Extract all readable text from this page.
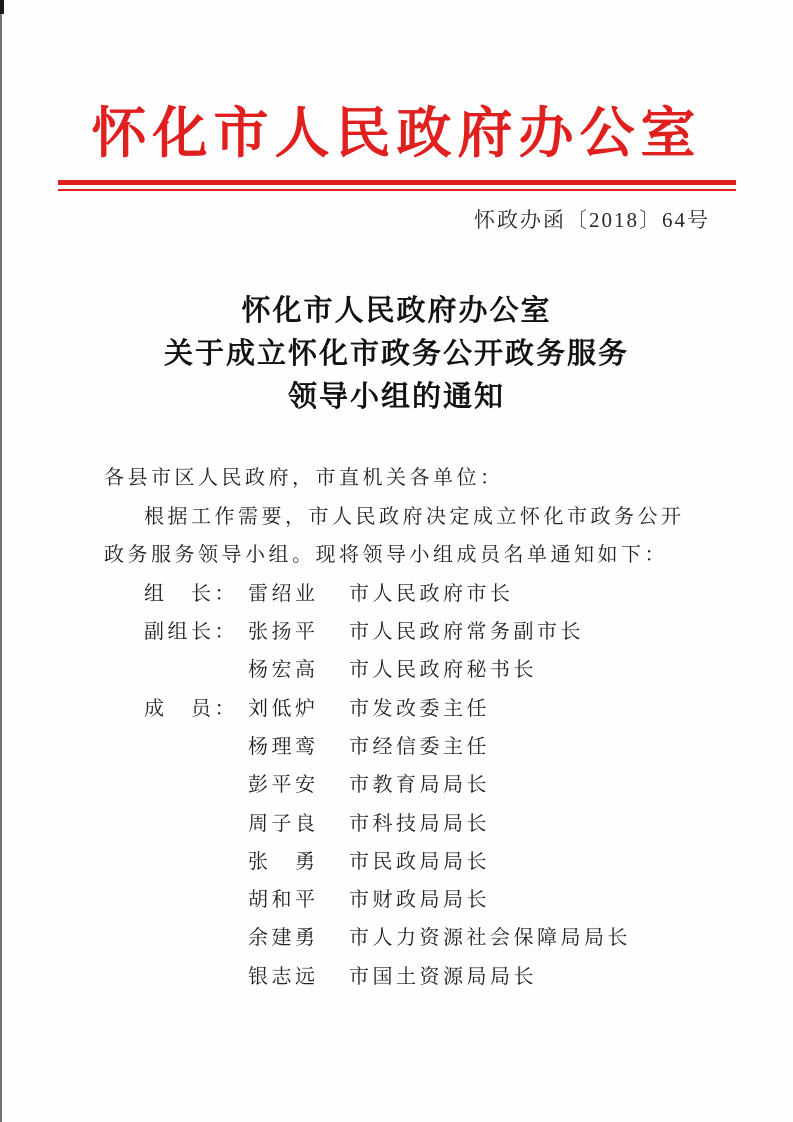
怀化市人民政府办公室
怀政办函〔2018〕64号
怀化市人民政府办公室
关于成立怀化市政务公开政务服务
领导小组的通知

各县市区人民政府，市直机关各单位：

根据工作需要，市人民政府决定成立怀化市政务公开政务服务领导小组。现将领导小组成员名单通知如下：

组　长： 雷绍业	市人民政府市长
副组长： 张扬平	市人民政府常务副市长
杨宏高	市人民政府秘书长
成　员： 刘低炉	市发改委主任
杨理鸾	市经信委主任
彭平安	市教育局局长
周子良	市科技局局长
张　勇	市民政局局长
胡和平	市财政局局长
余建勇	市人力资源社会保障局局长
银志远	市国土资源局局长
